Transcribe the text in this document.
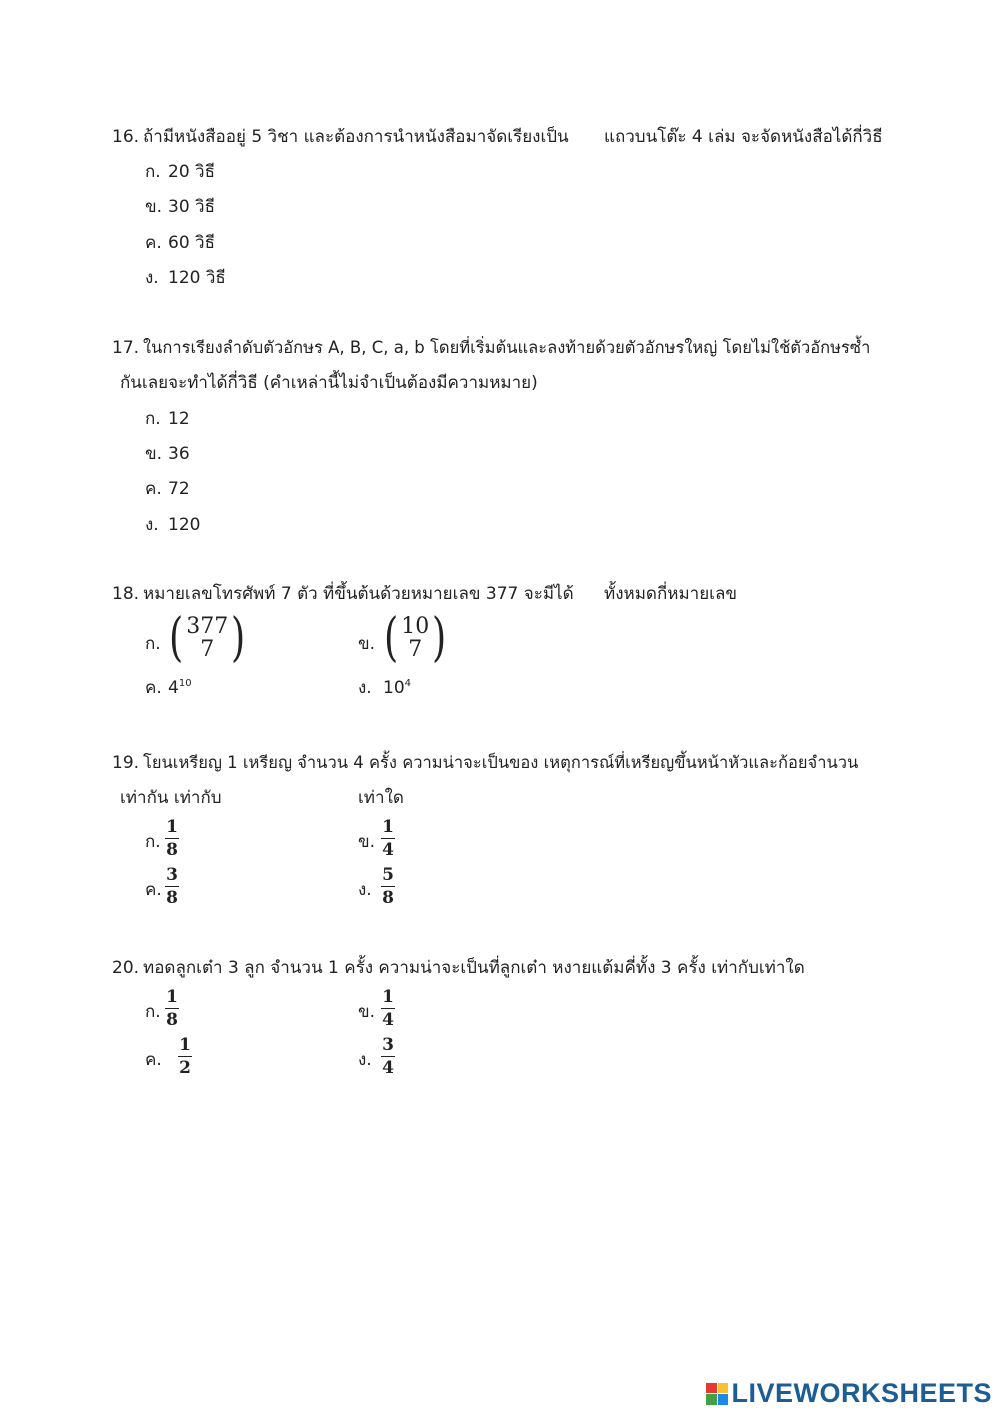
16. ถ้ามีหนังสืออยู่ 5 วิชา และต้องการนำหนังสือมาจัดเรียงเป็น แถวบนโต๊ะ 4 เล่ม จะจัดหนังสือได้กี่วิธี
ก. 20 วิธี
ข. 30 วิธี
ค. 60 วิธี
ง. 120 วิธี
17. ในการเรียงลำดับตัวอักษร A, B, C, a, b โดยที่เริ่มต้นและลงท้ายด้วยตัวอักษรใหญ่ โดยไม่ใช้ตัวอักษรซ้ำ
กันเลยจะทำได้กี่วิธี (คำเหล่านี้ไม่จำเป็นต้องมีความหมาย)
ก. 12
ข. 36
ค. 72
ง. 120
18. หมายเลขโทรศัพท์ 7 ตัว ที่ขึ้นต้นด้วยหมายเลข 377 จะมีได้ ทั้งหมดกี่หมายเลข
ก. ( 377
7 )	ข. ( 10
7 )
ค. $4^{10}$	ง. $10^4$
19. โยนเหรียญ 1 เหรียญ จำนวน 4 ครั้ง ความน่าจะเป็นของ เหตุการณ์ที่เหรียญขึ้นหน้าหัวและก้อยจำนวน
เท่ากัน เท่ากับ	เท่าใด
ก.
1
8	ข.
1
4
ค.
3
8	ง.
5
8
20. ทอดลูกเต๋า 3 ลูก จำนวน 1 ครั้ง ความน่าจะเป็นที่ลูกเต๋า หงายแต้มคี่ทั้ง 3 ครั้ง เท่ากับเท่าใด
ก.
1
8	ข.
1
4
ค.
1
2	ง.
3
4
LIVEWORKSHEETS
